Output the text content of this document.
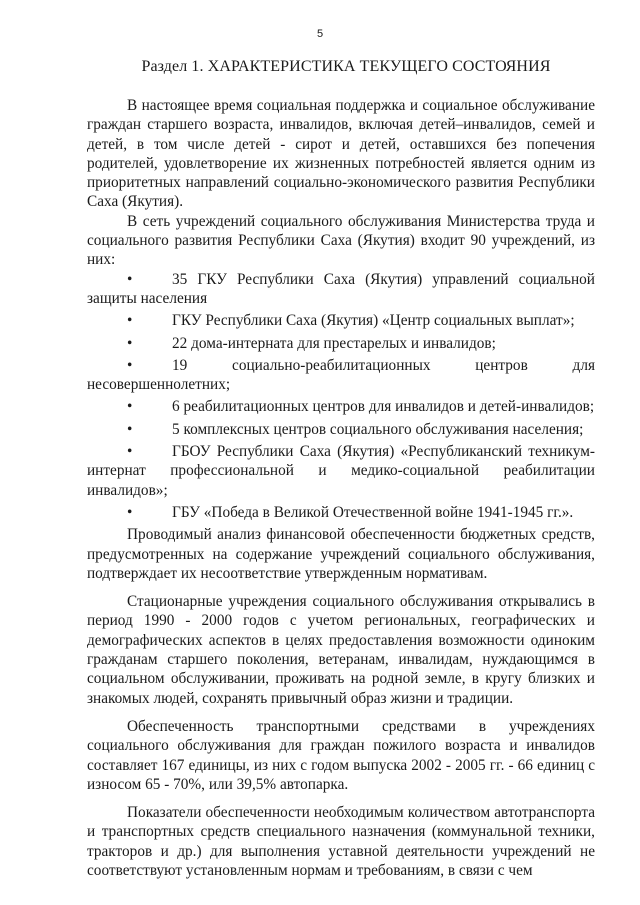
5
Раздел 1. ХАРАКТЕРИСТИКА ТЕКУЩЕГО СОСТОЯНИЯ

В настоящее время социальная поддержка и социальное обслуживание граждан старшего возраста, инвалидов, включая детей–инвалидов, семей и детей, в том числе детей - сирот и детей, оставшихся без попечения родителей, удовлетворение их жизненных потребностей является одним из приоритетных направлений социально-экономического развития Республики Саха (Якутия).

В сеть учреждений социального обслуживания Министерства труда и социального развития Республики Саха (Якутия) входит 90 учреждений, из них:

• 35 ГКУ Республики Саха (Якутия) управлений социальной защиты населения
• ГКУ Республики Саха (Якутия) «Центр социальных выплат»;
• 22 дома-интерната для престарелых и инвалидов;
• 19 социально-реабилитационных центров для несовершеннолетних;
• 6 реабилитационных центров для инвалидов и детей-инвалидов;
• 5 комплексных центров социального обслуживания населения;
• ГБОУ Республики Саха (Якутия) «Республиканский техникум-интернат профессиональной и медико-социальной реабилитации инвалидов»;
• ГБУ «Победа в Великой Отечественной войне 1941-1945 гг.».

Проводимый анализ финансовой обеспеченности бюджетных средств, предусмотренных на содержание учреждений социального обслуживания, подтверждает их несоответствие утвержденным нормативам.

Стационарные учреждения социального обслуживания открывались в период 1990 - 2000 годов с учетом региональных, географических и демографических аспектов в целях предоставления возможности одиноким гражданам старшего поколения, ветеранам, инвалидам, нуждающимся в социальном обслуживании, проживать на родной земле, в кругу близких и знакомых людей, сохранять привычный образ жизни и традиции.

Обеспеченность транспортными средствами в учреждениях социального обслуживания для граждан пожилого возраста и инвалидов составляет 167 единицы, из них с годом выпуска 2002 - 2005 гг. - 66 единиц с износом 65 - 70%, или 39,5% автопарка.

Показатели обеспеченности необходимым количеством автотранспорта и транспортных средств специального назначения (коммунальной техники, тракторов и др.) для выполнения уставной деятельности учреждений не соответствуют установленным нормам и требованиям, в связи с чем
